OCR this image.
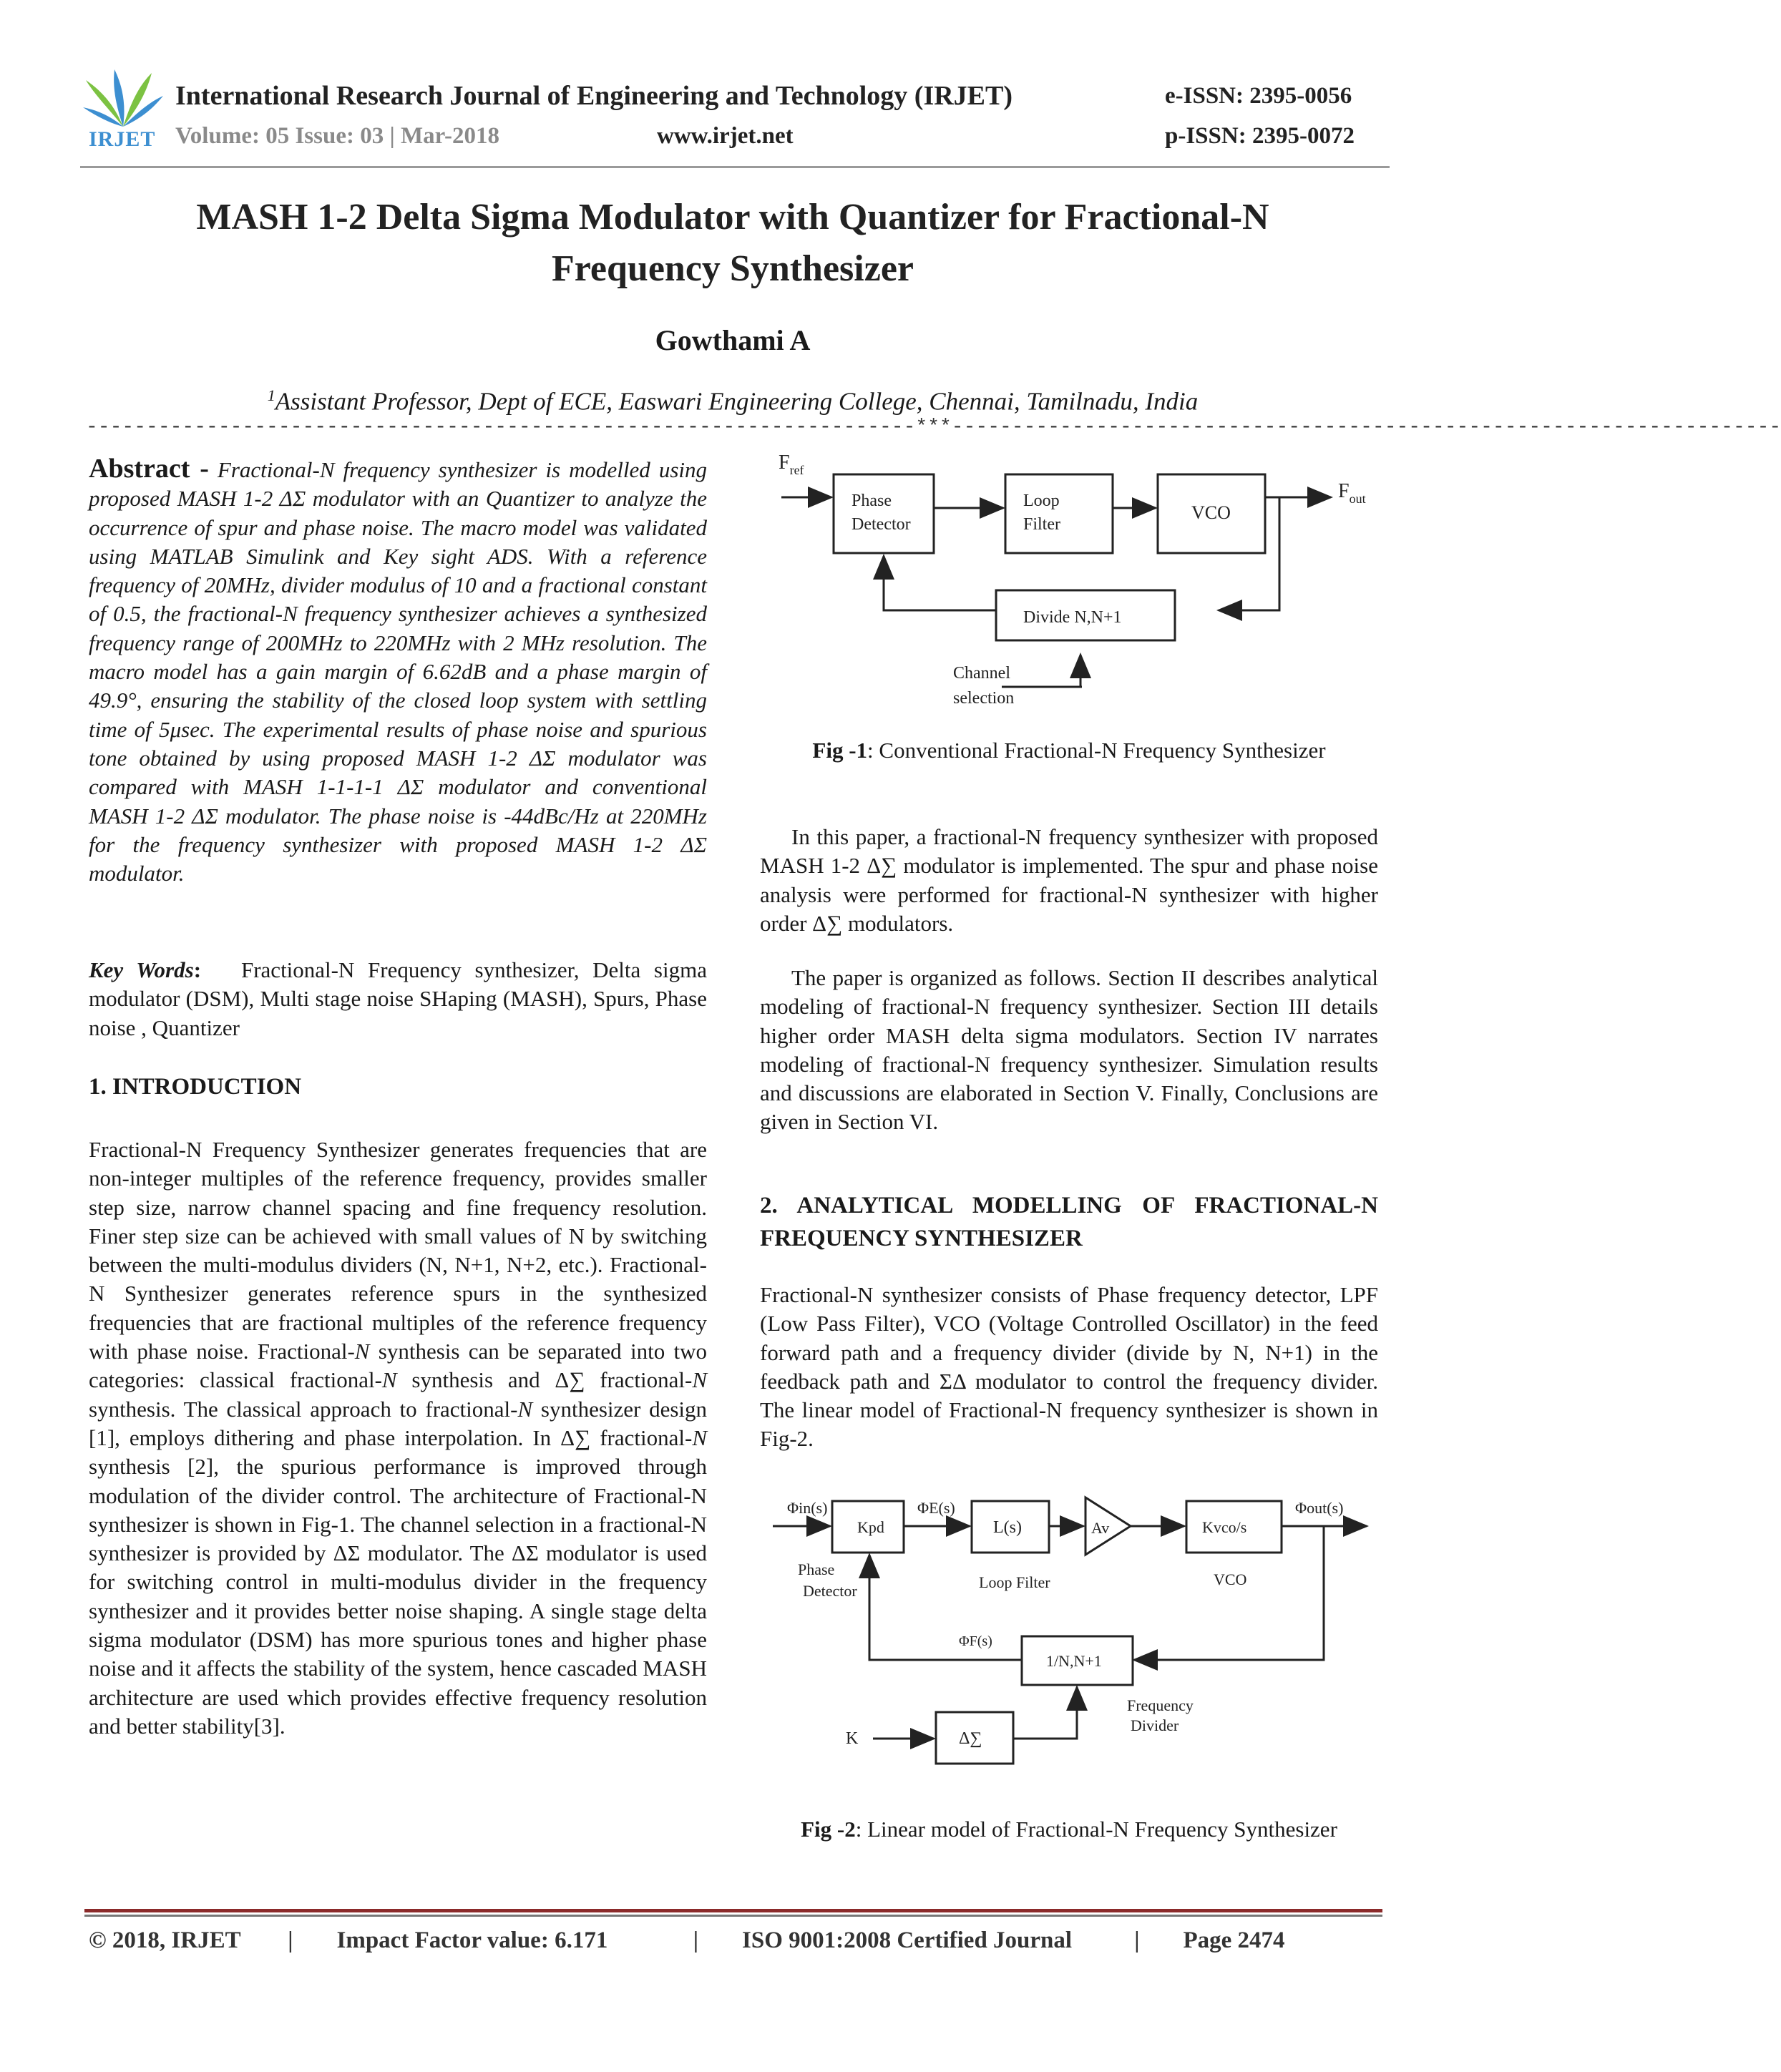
IRJET
International Research Journal of Engineering and Technology (IRJET)	e-ISSN: 2395-0056
Volume: 05 Issue: 03 | Mar-2018	www.irjet.net	p-ISSN: 2395-0072
MASH 1-2 Delta Sigma Modulator with Quantizer for Fractional-N
Frequency Synthesizer
Gowthami A
$^1$Assistant Professor, Dept of ECE, Easwari Engineering College, Chennai, Tamilnadu, India
---------------------------------------------------------------------***---------------------------------------------------------------------
Abstract - Fractional-N frequency synthesizer is modelled using proposed MASH 1-2 ΔΣ modulator with an Quantizer to analyze the occurrence of spur and phase noise. The macro model was validated using MATLAB Simulink and Key sight ADS. With a reference frequency of 20MHz, divider modulus of 10 and a fractional constant of 0.5, the fractional-N frequency synthesizer achieves a synthesized frequency range of 200MHz to 220MHz with 2 MHz resolution. The macro model has a gain margin of 6.62dB and a phase margin of 49.9°, ensuring the stability of the closed loop system with settling time of 5μsec. The experimental results of phase noise and spurious tone obtained by using proposed MASH 1-2 ΔΣ modulator was compared with MASH 1-1-1-1 ΔΣ modulator and conventional MASH 1-2 ΔΣ modulator. The phase noise is -44dBc/Hz at 220MHz for the frequency synthesizer with proposed MASH 1-2 ΔΣ modulator.
Key Words: Fractional-N Frequency synthesizer, Delta sigma modulator (DSM), Multi stage noise SHaping (MASH), Spurs, Phase noise , Quantizer
1. INTRODUCTION
Fractional-N Frequency Synthesizer generates frequencies that are non-integer multiples of the reference frequency, provides smaller step size, narrow channel spacing and fine frequency resolution. Finer step size can be achieved with small values of N by switching between the multi-modulus dividers (N, N+1, N+2, etc.). Fractional-N Synthesizer generates reference spurs in the synthesized frequencies that are fractional multiples of the reference frequency with phase noise. Fractional-N synthesis can be separated into two categories: classical fractional-N synthesis and Δ∑ fractional-N synthesis. The classical approach to fractional-N synthesizer design [1], employs dithering and phase interpolation. In Δ∑ fractional-N synthesis [2], the spurious performance is improved through modulation of the divider control. The architecture of Fractional-N synthesizer is shown in Fig-1. The channel selection in a fractional-N synthesizer is provided by ΔΣ modulator. The ΔΣ modulator is used for switching control in multi-modulus divider in the frequency synthesizer and it provides better noise shaping. A single stage delta sigma modulator (DSM) has more spurious tones and higher phase noise and it affects the stability of the system, hence cascaded MASH architecture are used which provides effective frequency resolution and better stability[3].
$F_{ref}$
Phase
Detector
Loop
Filter
VCO
$F_{out}$
Divide N,N+1
Channel
selection
Fig -1: Conventional Fractional-N Frequency Synthesizer
In this paper, a fractional-N frequency synthesizer with proposed MASH 1-2 Δ∑ modulator is implemented. The spur and phase noise analysis were performed for fractional-N synthesizer with higher order Δ∑ modulators.
The paper is organized as follows. Section II describes analytical modeling of fractional-N frequency synthesizer. Section III details higher order MASH delta sigma modulators. Section IV narrates modeling of fractional-N frequency synthesizer. Simulation results and discussions are elaborated in Section V. Finally, Conclusions are given in Section VI.
2. ANALYTICAL MODELLING OF FRACTIONAL-N FREQUENCY SYNTHESIZER
Fractional-N synthesizer consists of Phase frequency detector, LPF (Low Pass Filter), VCO (Voltage Controlled Oscillator) in the feed forward path and a frequency divider (divide by N, N+1) in the feedback path and ΣΔ modulator to control the frequency divider. The linear model of Fractional-N frequency synthesizer is shown in Fig-2.
Φin(s)
Kpd
ΦE(s)
L(s)	Av	Kvco/s
Φout(s)
Phase
Detector	Loop Filter	VCO
1/N,N+1
ΦF(s)
K	Δ∑
Frequency
Divider
Fig -2: Linear model of Fractional-N Frequency Synthesizer
© 2018, IRJET | Impact Factor value: 6.171	| ISO 9001:2008 Certified Journal	| Page 2474
